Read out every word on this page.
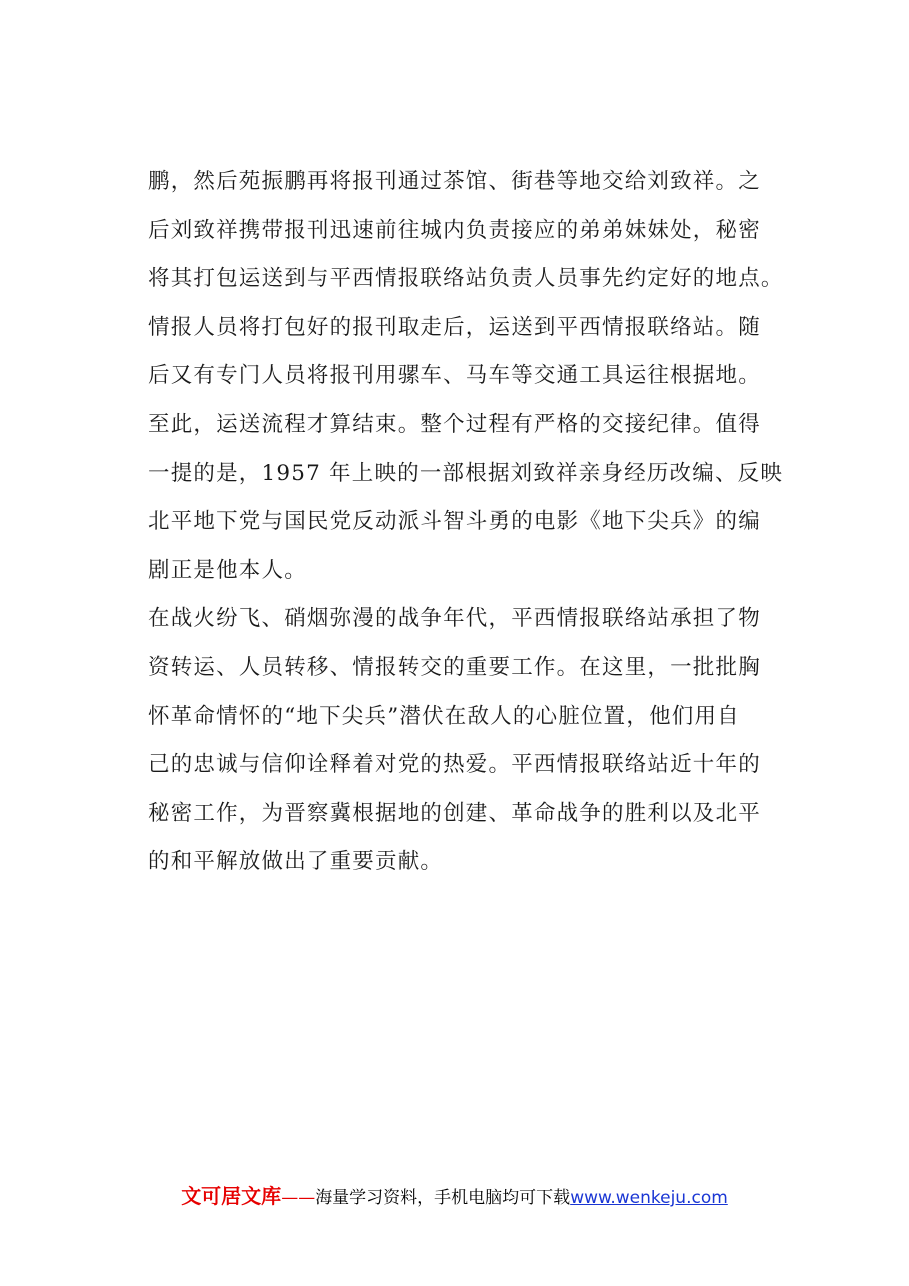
鹏，然后苑振鹏再将报刊通过茶馆、街巷等地交给刘致祥。之
后刘致祥携带报刊迅速前往城内负责接应的弟弟妹妹处，秘密
将其打包运送到与平西情报联络站负责人员事先约定好的地点。
情报人员将打包好的报刊取走后，运送到平西情报联络站。随
后又有专门人员将报刊用骡车、马车等交通工具运往根据地。
至此，运送流程才算结束。整个过程有严格的交接纪律。值得
一提的是，1957 年上映的一部根据刘致祥亲身经历改编、反映
北平地下党与国民党反动派斗智斗勇的电影《地下尖兵》的编
剧正是他本人。
在战火纷飞、硝烟弥漫的战争年代，平西情报联络站承担了物
资转运、人员转移、情报转交的重要工作。在这里，一批批胸
怀革命情怀的“地下尖兵”潜伏在敌人的心脏位置，他们用自
己的忠诚与信仰诠释着对党的热爱。平西情报联络站近十年的
秘密工作，为晋察冀根据地的创建、革命战争的胜利以及北平
的和平解放做出了重要贡献。
文可居文库——海量学习资料，手机电脑均可下载www.wenkeju.com
